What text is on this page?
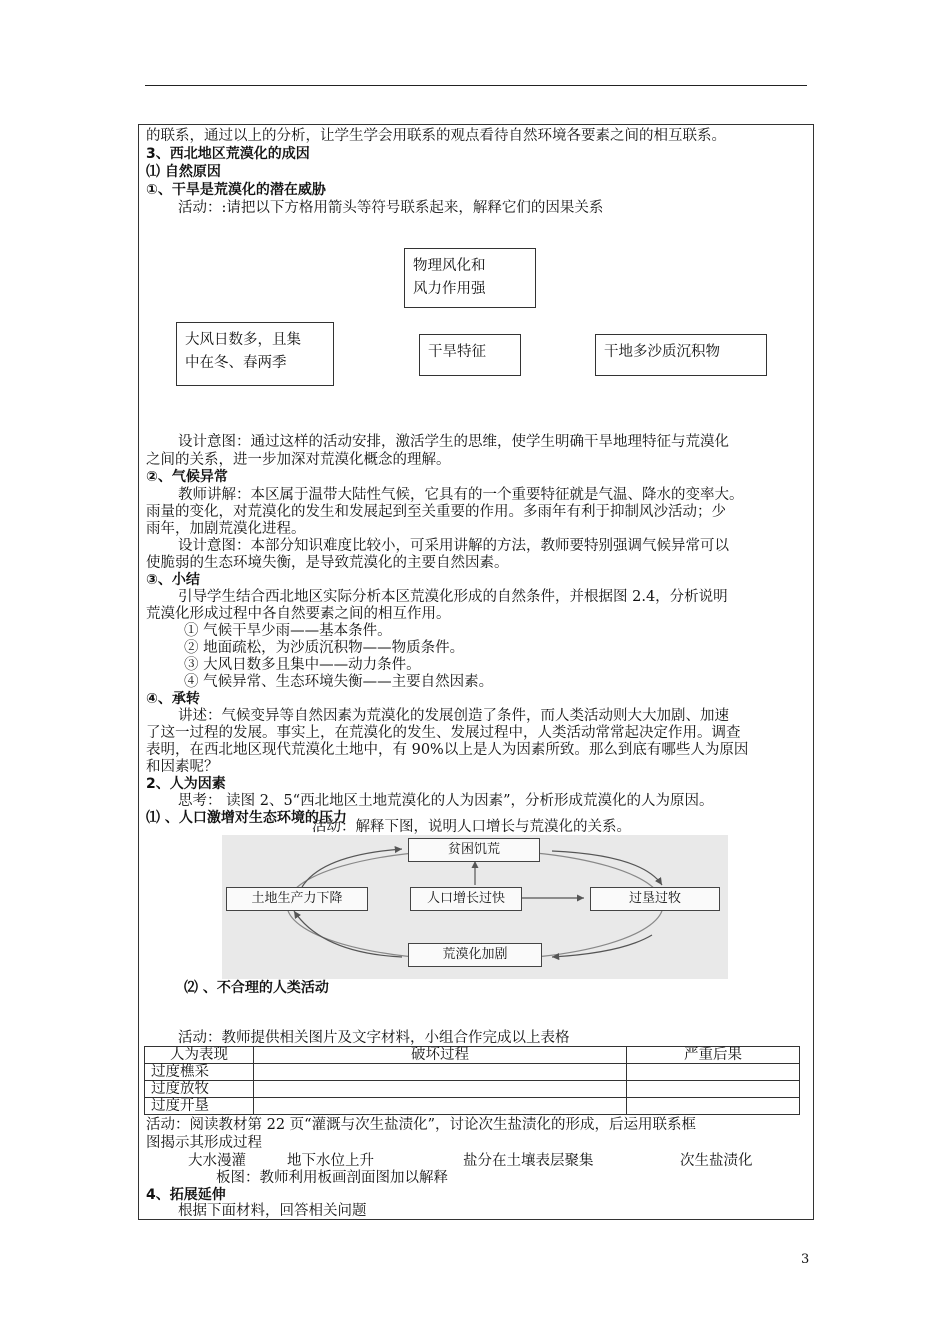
的联系，通过以上的分析，让学生学会用联系的观点看待自然环境各要素之间的相互联系。
3、西北地区荒漠化的成因
⑴ 自然原因
①、干旱是荒漠化的潜在威胁
活动：:请把以下方格用箭头等符号联系起来，解释它们的因果关系
物理风化和
风力作用强
大风日数多，且集
中在冬、春两季
干旱特征	干地多沙质沉积物
设计意图：通过这样的活动安排，激活学生的思维，使学生明确干旱地理特征与荒漠化
之间的关系，进一步加深对荒漠化概念的理解。
②、气候异常
教师讲解：本区属于温带大陆性气候，它具有的一个重要特征就是气温、降水的变率大。
雨量的变化，对荒漠化的发生和发展起到至关重要的作用。多雨年有利于抑制风沙活动；少
雨年，加剧荒漠化进程。
设计意图：本部分知识难度比较小，可采用讲解的方法，教师要特别强调气候异常可以
使脆弱的生态环境失衡，是导致荒漠化的主要自然因素。
③、小结
引导学生结合西北地区实际分析本区荒漠化形成的自然条件，并根据图 2.4，分析说明
荒漠化形成过程中各自然要素之间的相互作用。
① 气候干旱少雨——基本条件。
② 地面疏松，为沙质沉积物——物质条件。
③ 大风日数多且集中——动力条件。
④ 气候异常、生态环境失衡——主要自然因素。
④、承转
讲述：气候变异等自然因素为荒漠化的发展创造了条件，而人类活动则大大加剧、加速
了这一过程的发展。事实上，在荒漠化的发生、发展过程中，人类活动常常起决定作用。调查
表明，在西北地区现代荒漠化土地中，有 90%以上是人为因素所致。那么到底有哪些人为原因
和因素呢？
2、人为因素
思考： 读图 2、5“西北地区土地荒漠化的人为因素”，分析形成荒漠化的人为原因。
⑴ 、人口激增对生态环境的压力
活动：解释下图，说明人口增长与荒漠化的关系。
贫困饥荒
土地生产力下降	人口增长过快	过垦过牧
荒漠化加剧
⑵ 、不合理的人类活动
活动：教师提供相关图片及文字材料，小组合作完成以上表格
人为表现	破坏过程	严重后果
过度樵采		
过度放牧		
过度开垦		
活动：阅读教材第 22 页“灌溉与次生盐渍化”，讨论次生盐渍化的形成，后运用联系框
图揭示其形成过程
大水漫灌	地下水位上升	盐分在土壤表层聚集	次生盐渍化
板图：教师利用板画剖面图加以解释
4、拓展延伸
根据下面材料，回答相关问题
3
